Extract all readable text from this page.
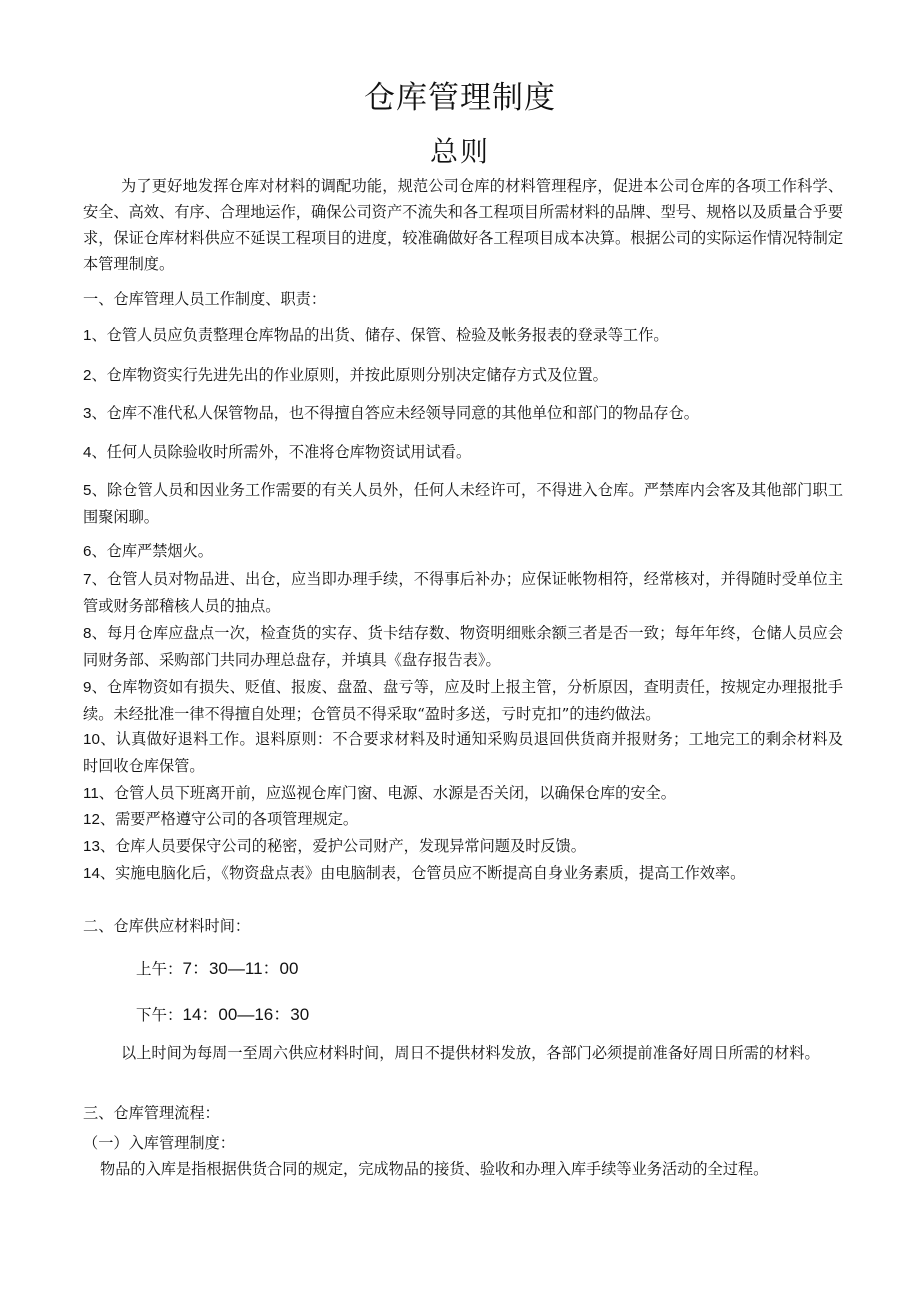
仓库管理制度
总则
为了更好地发挥仓库对材料的调配功能，规范公司仓库的材料管理程序，促进本公司仓库的各项工作科学、安全、高效、有序、合理地运作，确保公司资产不流失和各工程项目所需材料的品牌、型号、规格以及质量合乎要求，保证仓库材料供应不延误工程项目的进度，较准确做好各工程项目成本决算。根据公司的实际运作情况特制定本管理制度。
一、仓库管理人员工作制度、职责：
1、仓管人员应负责整理仓库物品的出货、储存、保管、检验及帐务报表的登录等工作。
2、仓库物资实行先进先出的作业原则，并按此原则分别决定储存方式及位置。
3、仓库不准代私人保管物品，也不得擅自答应未经领导同意的其他单位和部门的物品存仓。
4、任何人员除验收时所需外，不准将仓库物资试用试看。
5、除仓管人员和因业务工作需要的有关人员外，任何人未经许可，不得进入仓库。严禁库内会客及其他部门职工围聚闲聊。
6、仓库严禁烟火。
7、仓管人员对物品进、出仓，应当即办理手续，不得事后补办；应保证帐物相符，经常核对，并得随时受单位主管或财务部稽核人员的抽点。
8、每月仓库应盘点一次，检查货的实存、货卡结存数、物资明细账余额三者是否一致；每年年终，仓储人员应会同财务部、采购部门共同办理总盘存，并填具《盘存报告表》。
9、仓库物资如有损失、贬值、报废、盘盈、盘亏等，应及时上报主管，分析原因，查明责任，按规定办理报批手续。未经批准一律不得擅自处理；仓管员不得采取“盈时多送，亏时克扣”的违约做法。
10、认真做好退料工作。退料原则：不合要求材料及时通知采购员退回供货商并报财务；工地完工的剩余材料及时回收仓库保管。
11、仓管人员下班离开前，应巡视仓库门窗、电源、水源是否关闭，以确保仓库的安全。
12、需要严格遵守公司的各项管理规定。
13、仓库人员要保守公司的秘密，爱护公司财产，发现异常问题及时反馈。
14、实施电脑化后，《物资盘点表》由电脑制表，仓管员应不断提高自身业务素质，提高工作效率。
二、仓库供应材料时间：
上午：7：30—11：00
下午：14：00—16：30
以上时间为每周一至周六供应材料时间，周日不提供材料发放，各部门必须提前准备好周日所需的材料。
三、仓库管理流程：
（一）入库管理制度：
物品的入库是指根据供货合同的规定，完成物品的接货、验收和办理入库手续等业务活动的全过程。
